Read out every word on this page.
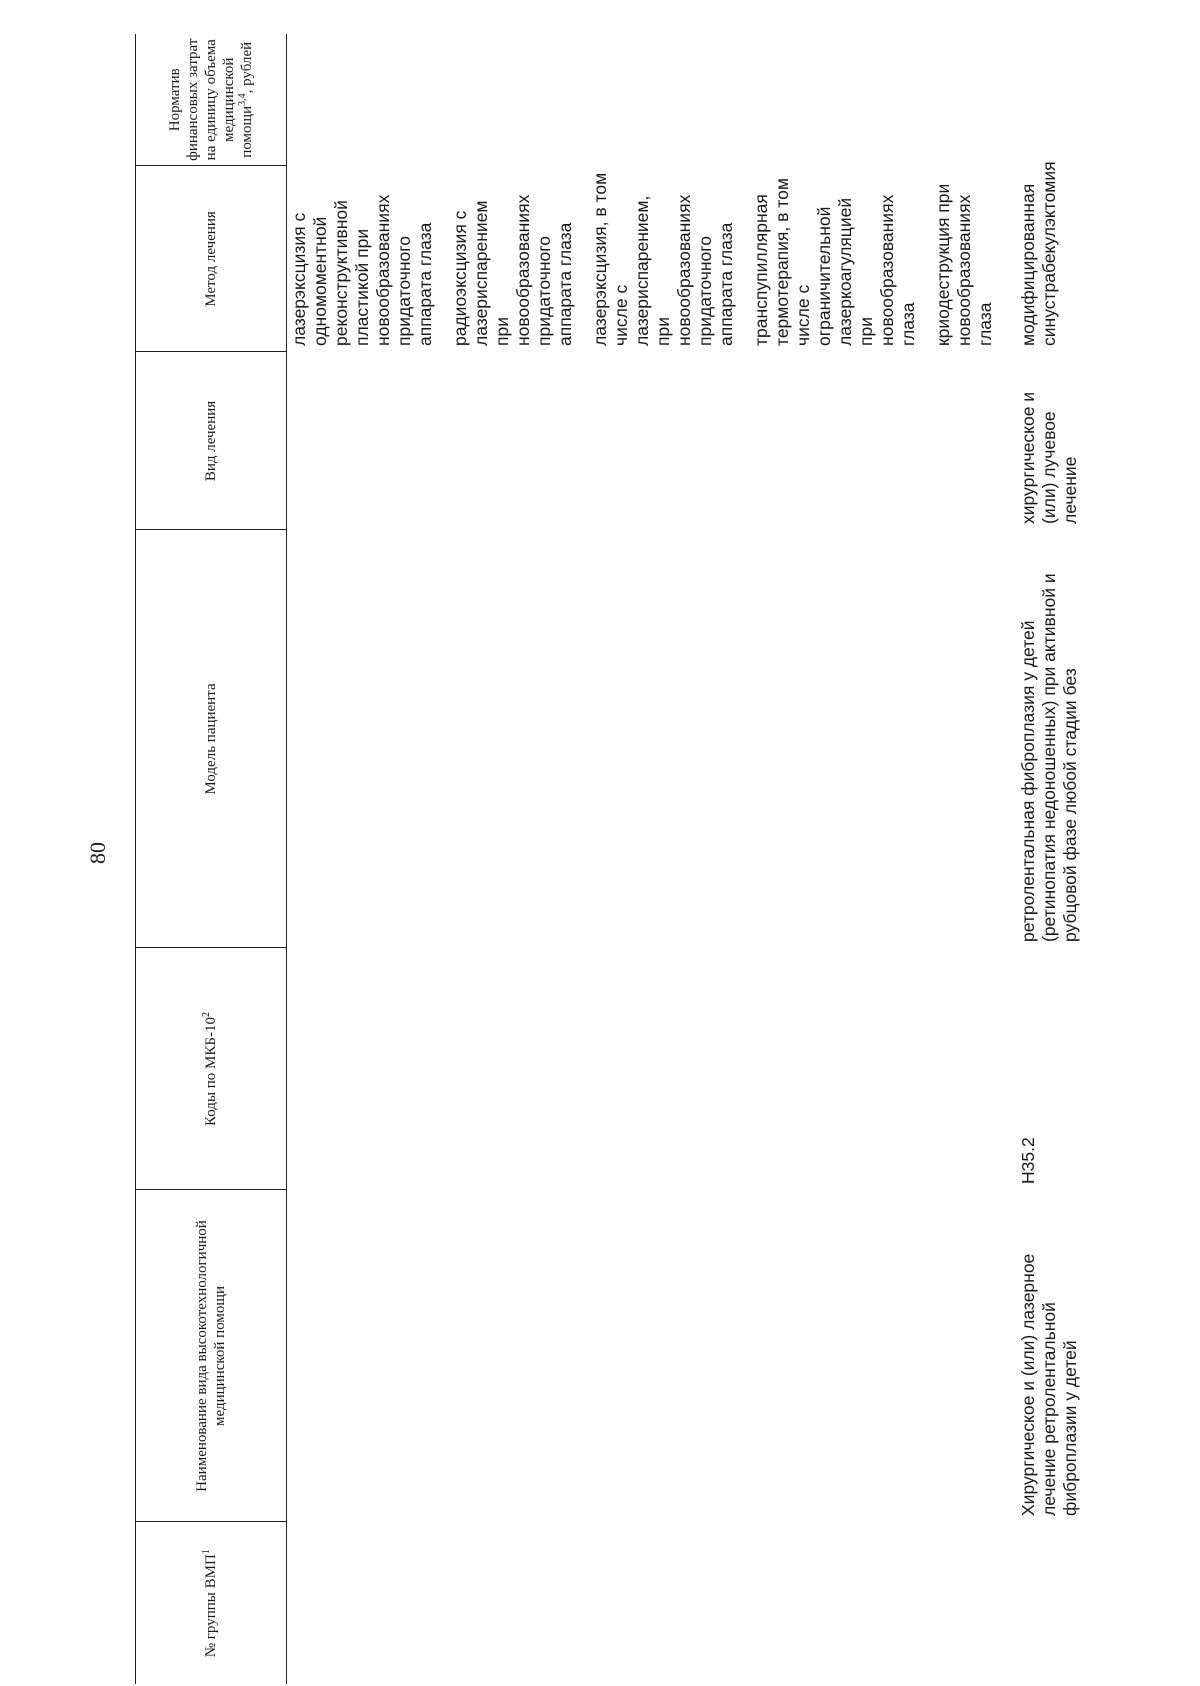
80
№ группы ВМП$^1$	Наименование вида высокотехнологичной медицинской помощи	Коды по МКБ-$10^2$	Модель пациента	Вид лечения	Метод лечения	Норматив финансовых затрат на единицу объема медицинской помощи$^{3,4}$, рублей

					лазерэксцизия с одномоментной реконструктивной пластикой при новообразованиях придаточного аппарата глаза радиоэксцизия с лазериспарением при новообразованиях придаточного аппарата глаза лазерэксцизия, в том числе с лазериспарением, при новообразованиях придаточного аппарата глаза транспупиллярная термотерапия, в том числе с ограничительной лазеркоагуляцией при новообразованиях глаза криодеструкция при новообразованиях глаза	

	Хирургическое и (или) лазерное лечение ретролентальной фиброплазии у детей	H35.2	ретролентальная фиброплазия у детей (ретинопатия недоношенных) при активной и рубцовой фазе любой стадии без	хирургическое и (или) лучевое лечение	модифицированная синустрабекулэктомия	
